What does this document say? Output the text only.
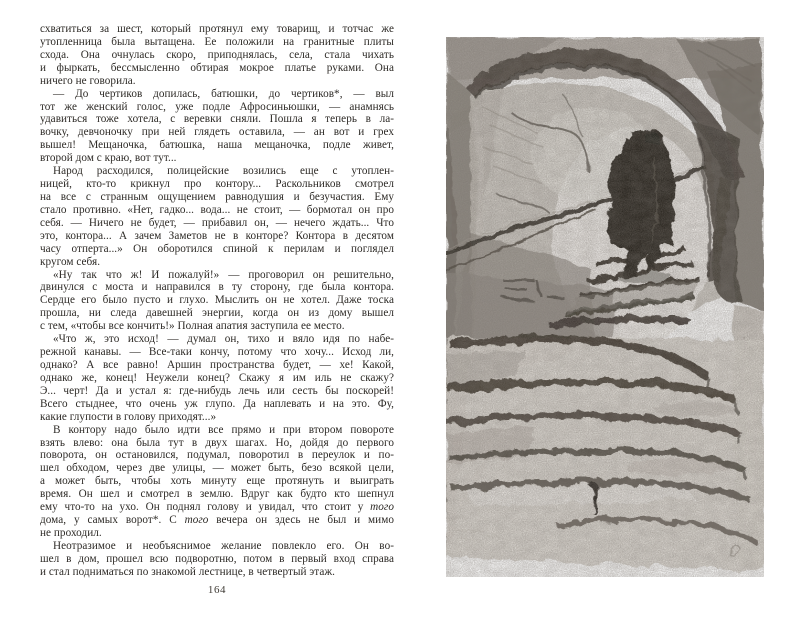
схватиться за шест, который протянул ему товарищ, и тотчас же
утопленница была вытащена. Ее положили на гранитные плиты
схода. Она очнулась скоро, приподнялась, села, стала чихать
и фыркать, бессмысленно обтирая мокрое платье руками. Она
ничего не говорила.
— До чертиков допилась, батюшки, до чертиков*, — выл
тот же женский голос, уже подле Афросиньюшки, — анамнясь
удавиться тоже хотела, с веревки сняли. Пошла я теперь в ла-
вочку, девчоночку при ней глядеть оставила, — ан вот и грех
вышел! Мещаночка, батюшка, наша мещаночка, подле живет,
второй дом с краю, вот тут...
Народ расходился, полицейские возились еще с утоплен-
ницей, кто-то крикнул про контору... Раскольников смотрел
на все с странным ощущением равнодушия и безучастия. Ему
стало противно. «Нет, гадко... вода... не стоит, — бормотал он про
себя. — Ничего не будет, — прибавил он, — нечего ждать... Что
это, контора... А зачем Заметов не в конторе? Контора в десятом
часу отперта...» Он оборотился спиной к перилам и поглядел
кругом себя.
«Ну так что ж! И пожалуй!» — проговорил он решительно,
двинулся с моста и направился в ту сторону, где была контора.
Сердце его было пусто и глухо. Мыслить он не хотел. Даже тоска
прошла, ни следа давешней энергии, когда он из дому вышел
с тем, «чтобы все кончить!» Полная апатия заступила ее место.
«Что ж, это исход! — думал он, тихо и вяло идя по набе-
режной канавы. — Все-таки кончу, потому что хочу... Исход ли,
однако? А все равно! Аршин пространства будет, — хе! Какой,
однако же, конец! Неужели конец? Скажу я им иль не скажу?
Э... черт! Да и устал я: где-нибудь лечь или сесть бы поскорей!
Всего стыднее, что очень уж глупо. Да наплевать и на это. Фу,
какие глупости в голову приходят...»
В контору надо было идти все прямо и при втором повороте
взять влево: она была тут в двух шагах. Но, дойдя до первого
поворота, он остановился, подумал, поворотил в переулок и по-
шел обходом, через две улицы, — может быть, безо всякой цели,
а может быть, чтобы хоть минуту еще протянуть и выиграть
время. Он шел и смотрел в землю. Вдруг как будто кто шепнул
ему что-то на ухо. Он поднял голову и увидал, что стоит у того
дома, у самых ворот*. С того вечера он здесь не был и мимо
не проходил.
Неотразимое и необъяснимое желание повлекло его. Он во-
шел в дом, прошел всю подворотню, потом в первый вход справа
и стал подниматься по знакомой лестнице, в четвертый этаж.
164
